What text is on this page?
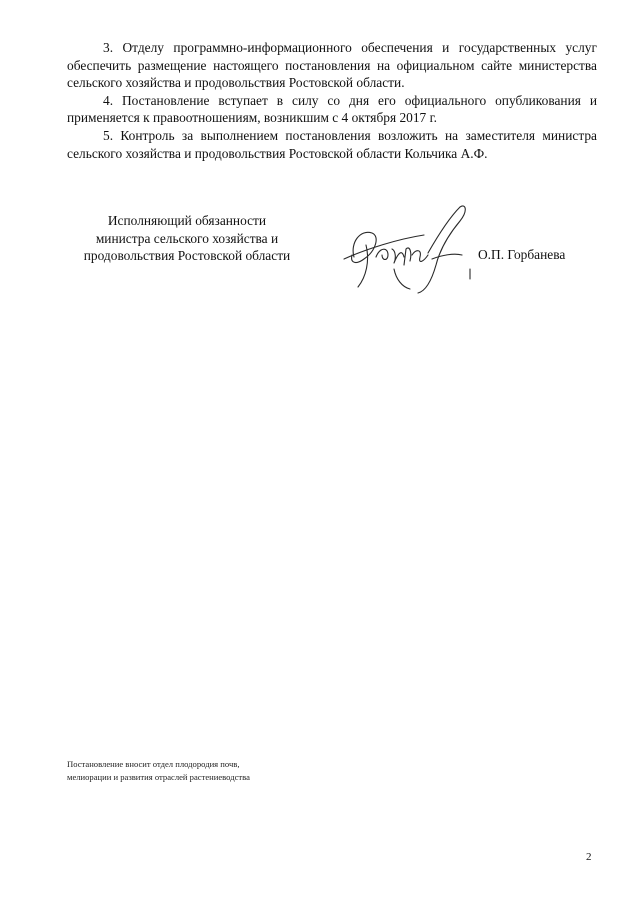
3. Отделу программно-информационного обеспечения и государственных услуг обеспечить размещение настоящего постановления на официальном сайте министерства сельского хозяйства и продовольствия Ростовской области.

4. Постановление вступает в силу со дня его официального опубликования и применяется к правоотношениям, возникшим с 4 октября 2017 г.

5. Контроль за выполнением постановления возложить на заместителя министра сельского хозяйства и продовольствия Ростовской области Кольчика А.Ф.

Исполняющий обязанности
министра сельского хозяйства и
продовольствия Ростовской области	О.П. Горбанева
Постановление вносит отдел плодородия почв,
мелиорации и развития отраслей растениеводства
2
